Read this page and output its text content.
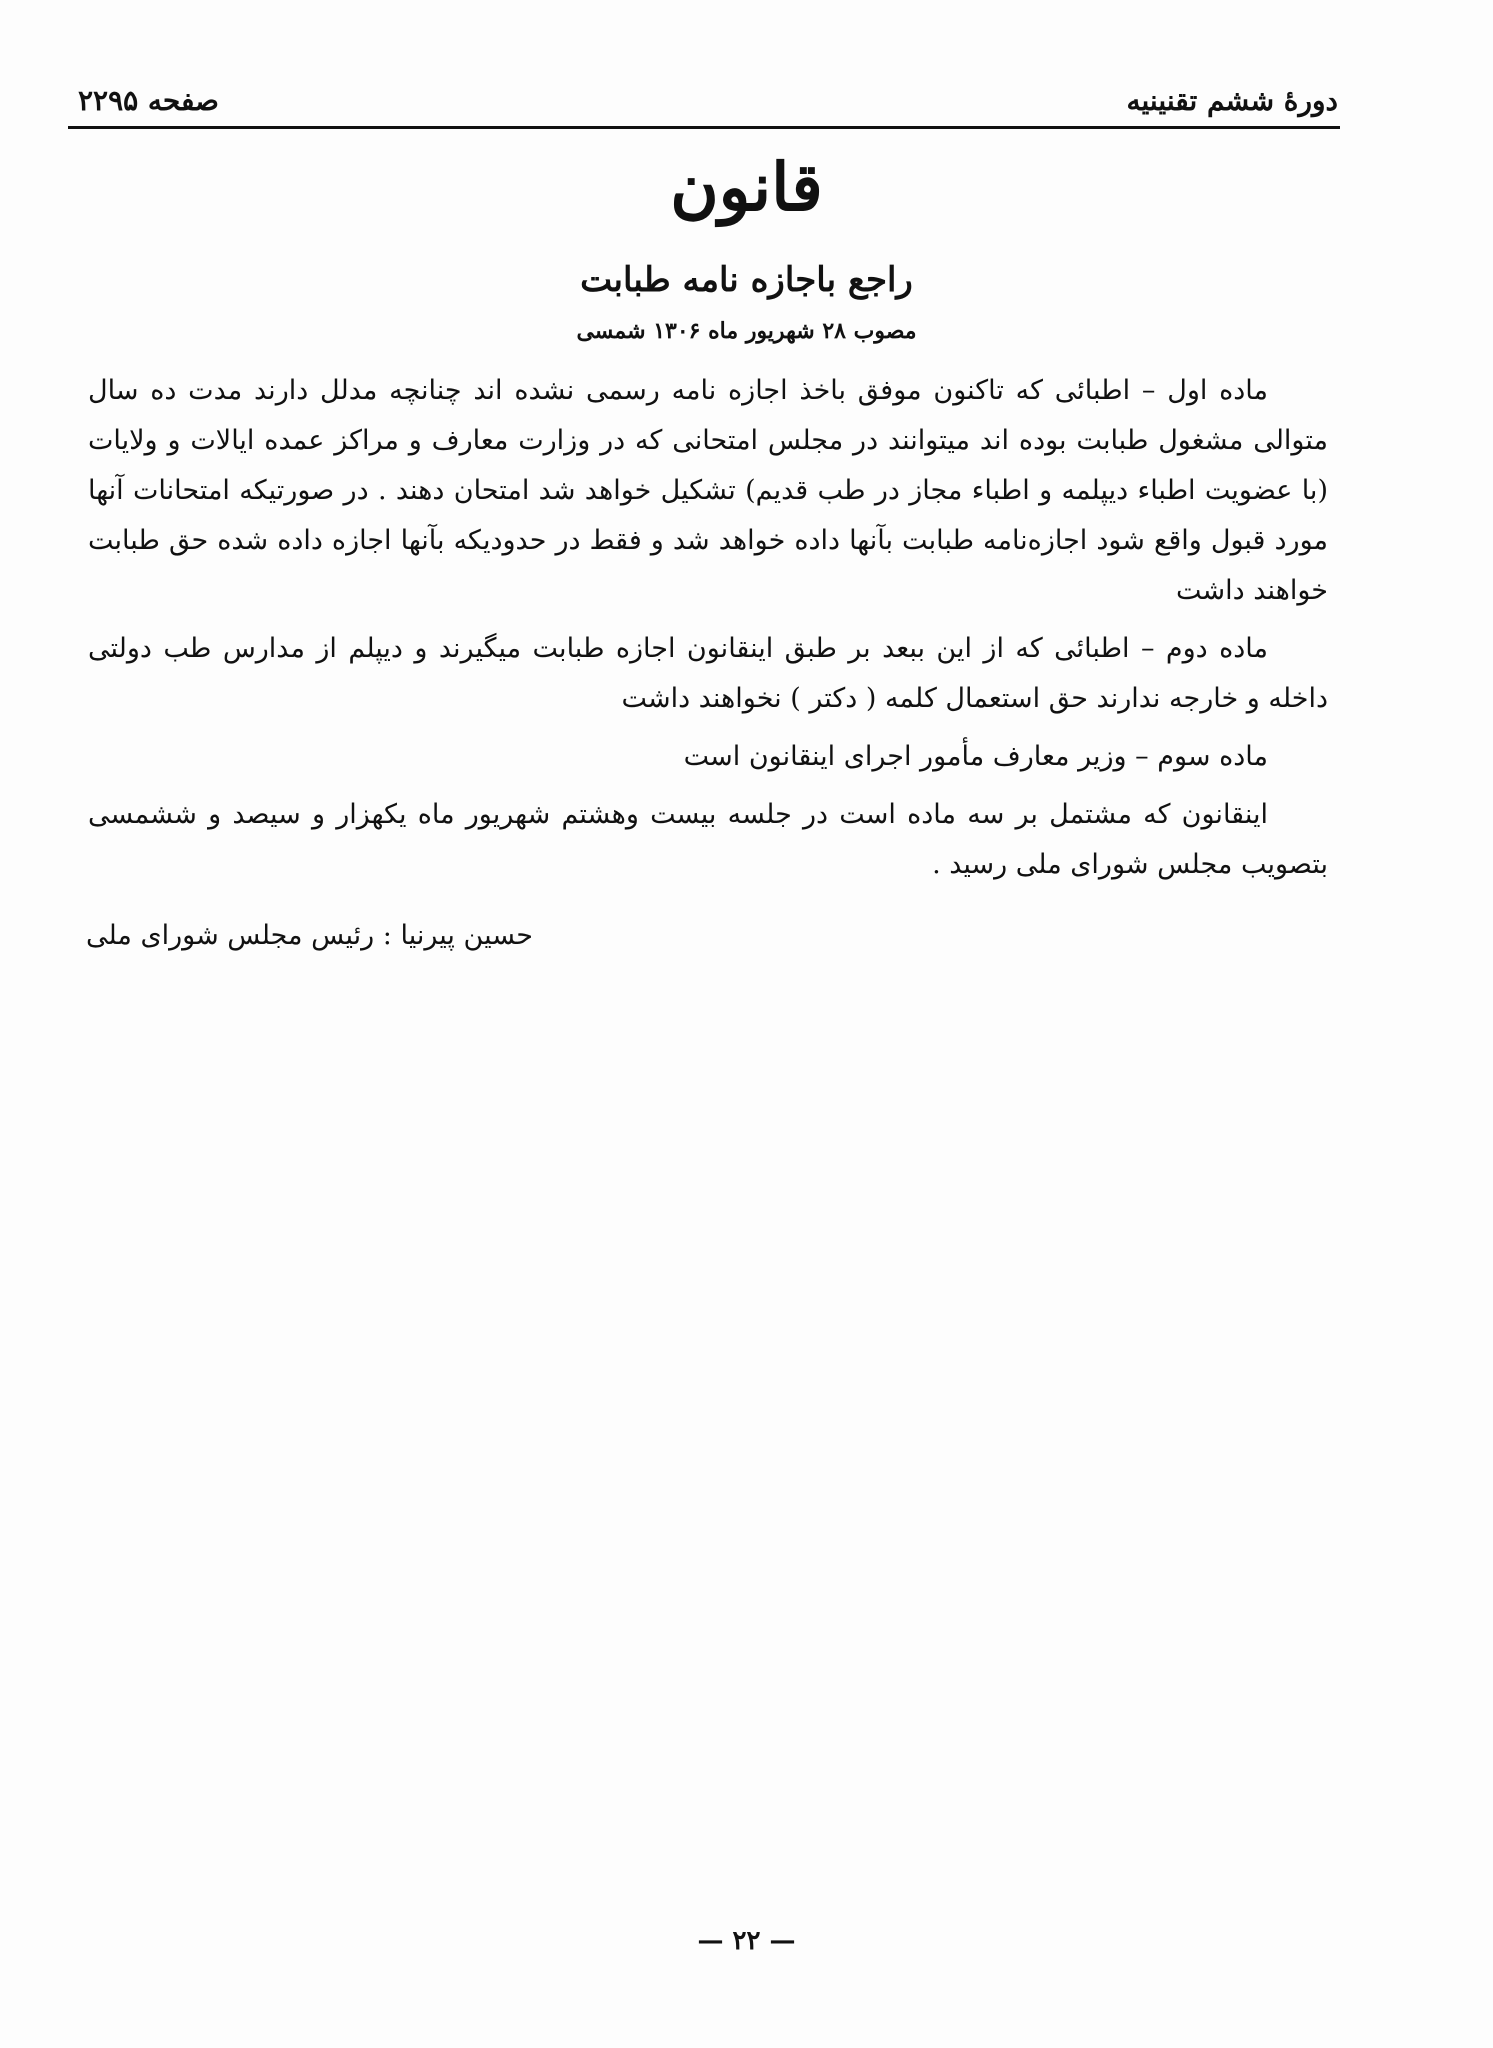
دورهٔ ششم تقنینیه
صفحه ۲۲۹۵
قانون
راجع باجازه نامه طبابت
مصوب ۲۸ شهریور ماه ۱۳۰۶ شمسی

ماده اول – اطبائی که تاکنون موفق باخذ اجازه نامه رسمی نشده اند چنانچه مدلل دارند مدت ده سال متوالی مشغول طبابت بوده اند میتوانند در مجلس امتحانی که در وزارت معارف و مراکز عمده ایالات و ولایات (با عضویت اطباء دیپلمه و اطباء مجاز در طب قدیم) تشکیل خواهد شد امتحان دهند . در صورتیکه امتحانات آنها مورد قبول واقع شود اجازه‌نامه طبابت بآنها داده خواهد شد و فقط در حدودیکه بآنها اجازه داده شده حق طبابت خواهند داشت

ماده دوم – اطبائی که از این ببعد بر طبق اینقانون اجازه طبابت میگیرند و دیپلم از مدارس طب دولتی داخله و خارجه ندارند حق استعمال کلمه ( دکتر ) نخواهند داشت

ماده سوم – وزیر معارف مأمور اجرای اینقانون است

اینقانون که مشتمل بر سه ماده است در جلسه بیست وهشتم شهریور ماه یکهزار و سیصد و ششمسی بتصویب مجلس شورای ملی رسید .

حسین پیرنیا : رئیس مجلس شورای ملی
— ۲۲ —
